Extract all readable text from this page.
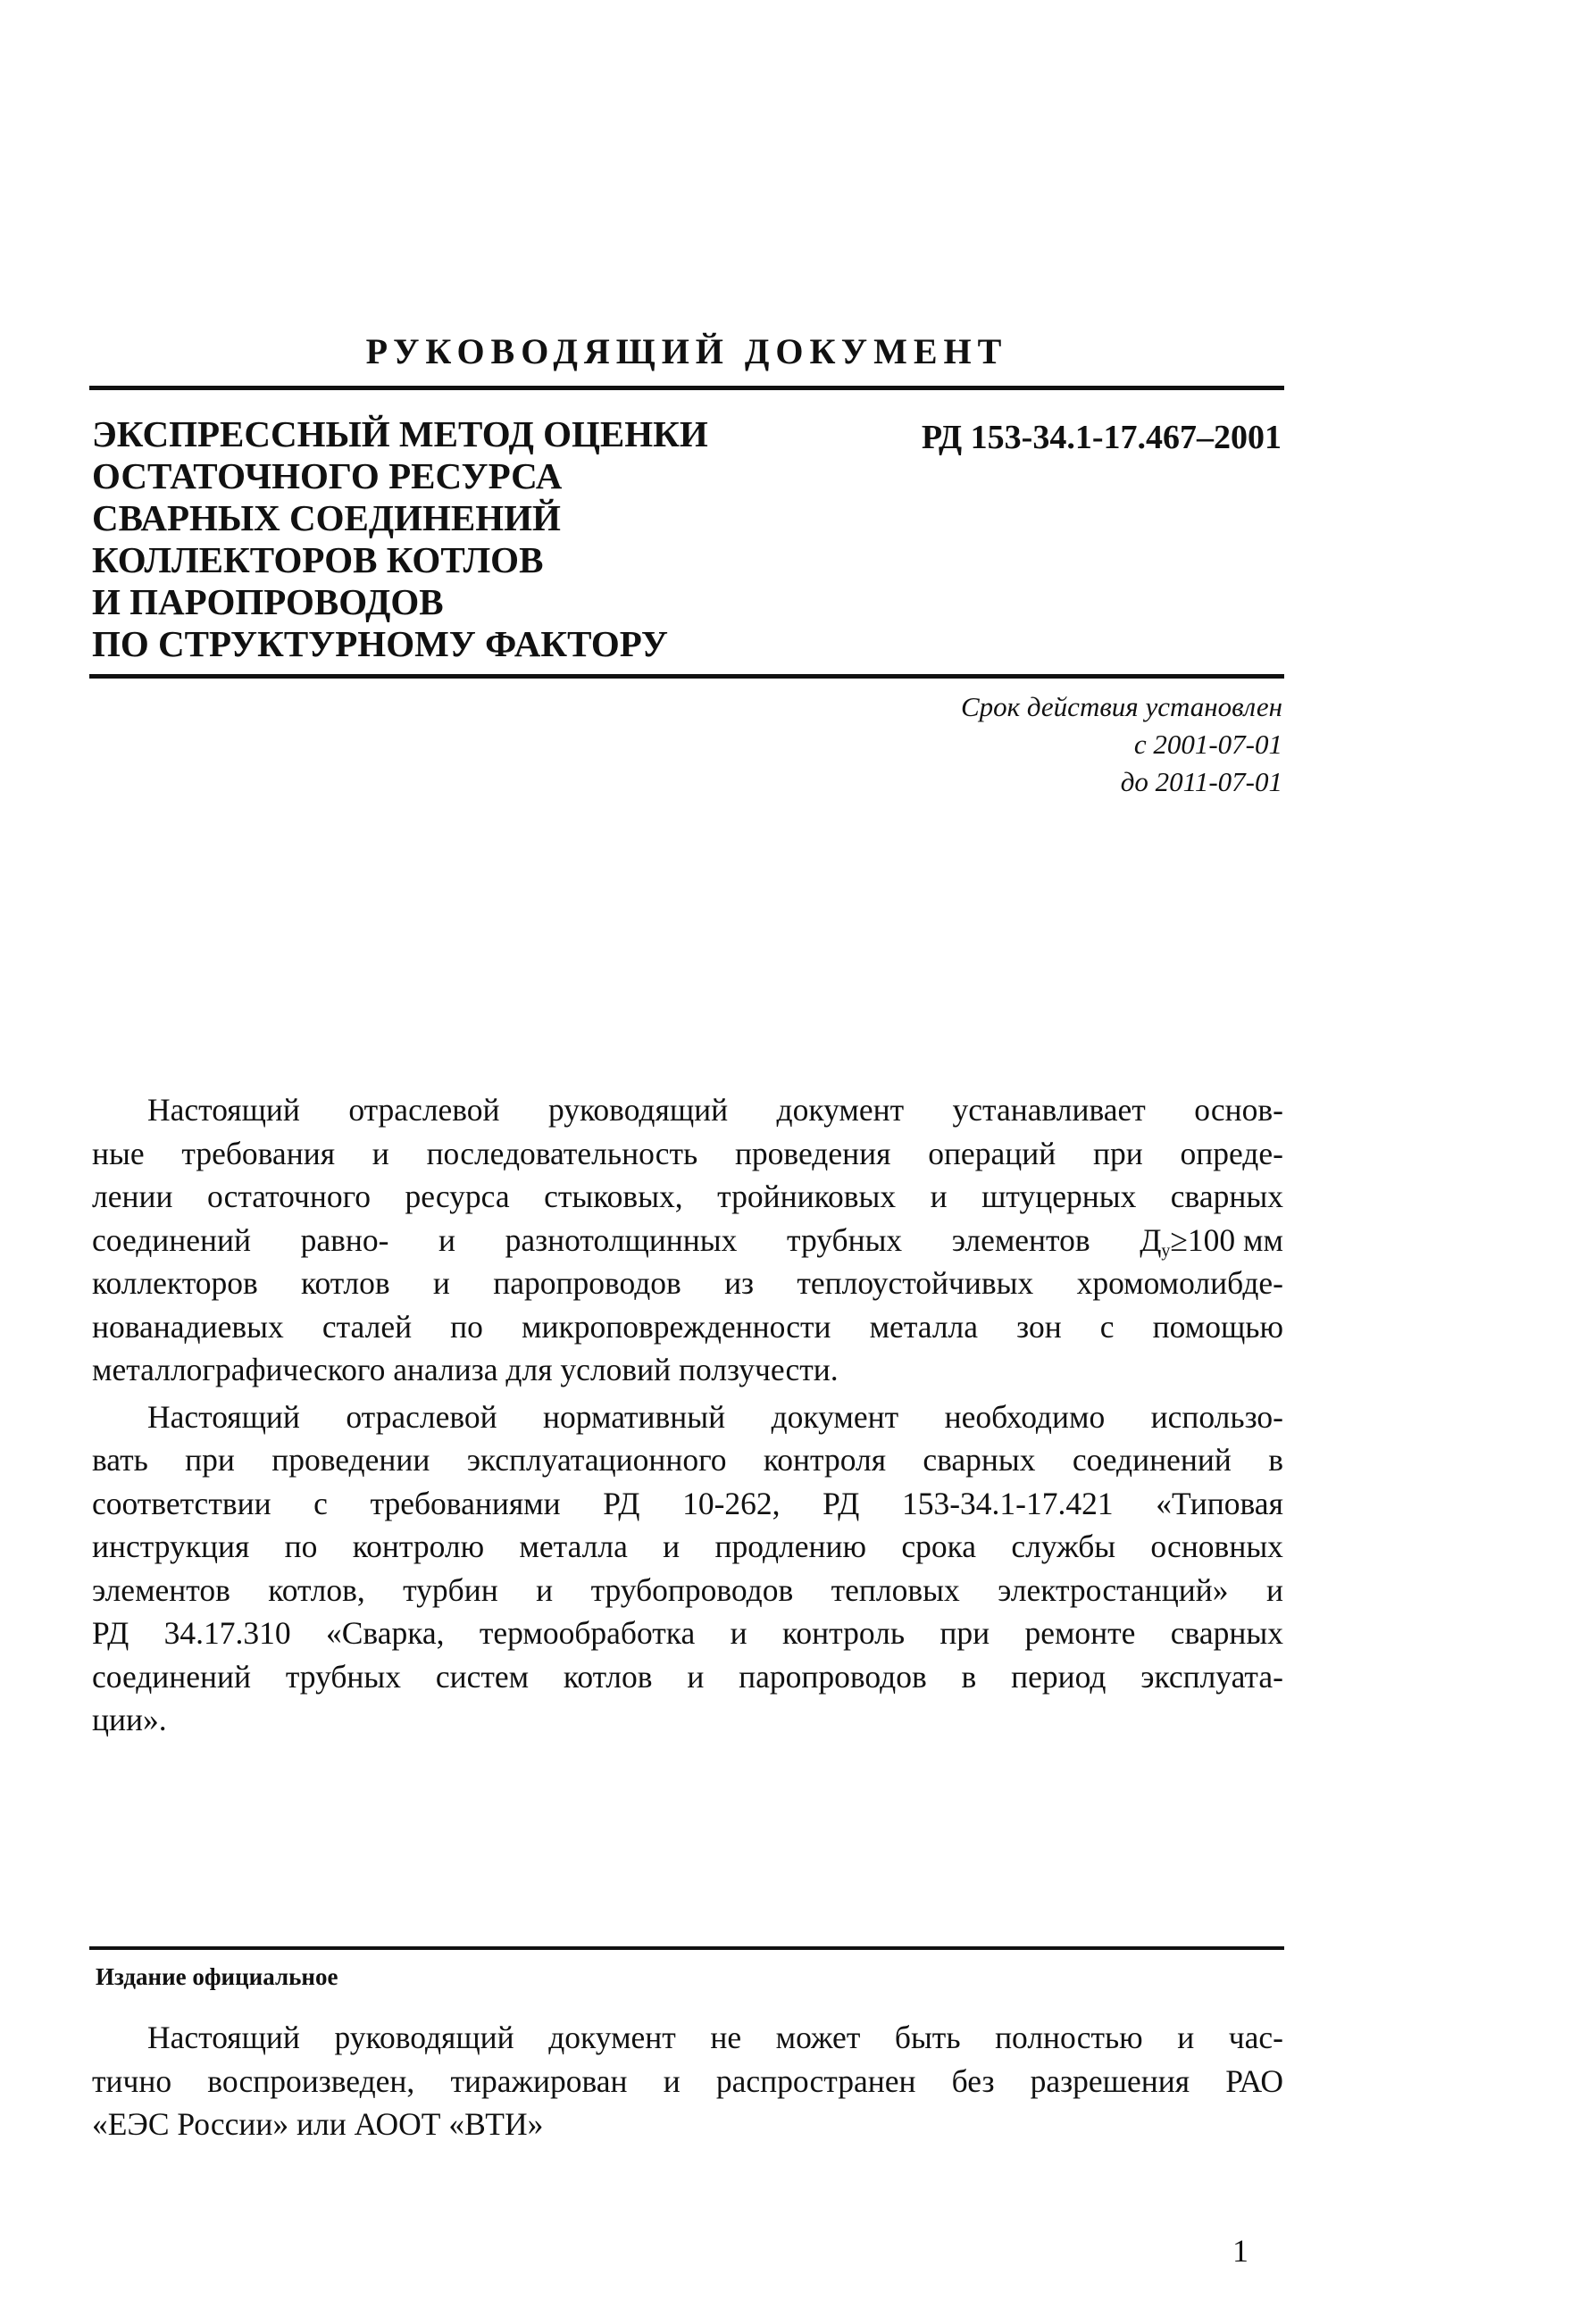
РУКОВОДЯЩИЙ ДОКУМЕНТ
ЭКСПРЕССНЫЙ МЕТОД ОЦЕНКИ
ОСТАТОЧНОГО РЕСУРСА
СВАРНЫХ СОЕДИНЕНИЙ
КОЛЛЕКТОРОВ КОТЛОВ
И ПАРОПРОВОДОВ
ПО СТРУКТУРНОМУ ФАКТОРУ
РД 153-34.1-17.467–2001
Срок действия установлен
с 2001-07-01
до 2011-07-01
Настоящий отраслевой руководящий документ устанавливает основ-
ные требования и последовательность проведения операций при опреде-
лении остаточного ресурса стыковых, тройниковых и штуцерных сварных
соединений равно- и разнотолщинных трубных элементов $Д_у\ge 100$ мм
коллекторов котлов и паропроводов из теплоустойчивых хромомолибде-
нованадиевых сталей по микроповрежденности металла зон с помощью
металлографического анализа для условий ползучести.
Настоящий отраслевой нормативный документ необходимо использо-
вать при проведении эксплуатационного контроля сварных соединений в
соответствии с требованиями РД 10-262, РД 153-34.1-17.421 «Типовая
инструкция по контролю металла и продлению срока службы основных
элементов котлов, турбин и трубопроводов тепловых электростанций» и
РД 34.17.310 «Сварка, термообработка и контроль при ремонте сварных
соединений трубных систем котлов и паропроводов в период эксплуата-
ции».
Издание официальное
Настоящий руководящий документ не может быть полностью и час-
тично воспроизведен, тиражирован и распространен без разрешения РАО
«ЕЭС России» или АООТ «ВТИ»
1
